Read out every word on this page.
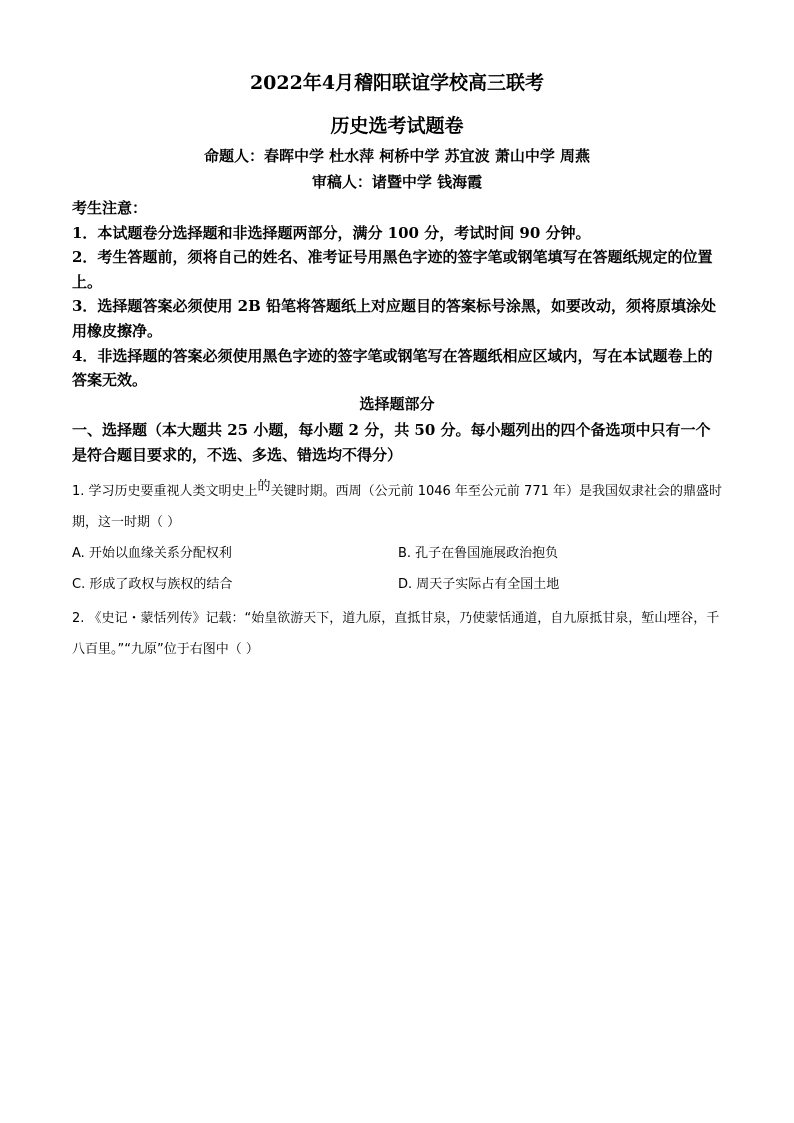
2022年4月稽阳联谊学校高三联考
历史选考试题卷
命题人：春晖中学 杜水萍 柯桥中学 苏宜波 萧山中学 周燕
审稿人：诸暨中学 钱海霞

考生注意：

1．本试题卷分选择题和非选择题两部分，满分 100 分，考试时间 90 分钟。

2．考生答题前，须将自己的姓名、准考证号用黑色字迹的签字笔或钢笔填写在答题纸规定的位置上。

3．选择题答案必须使用 2B 铅笔将答题纸上对应题目的答案标号涂黑，如要改动，须将原填涂处用橡皮擦净。

4．非选择题的答案必须使用黑色字迹的签字笔或钢笔写在答题纸相应区域内，写在本试题卷上的答案无效。

选择题部分
一、选择题（本大题共 25 小题，每小题 2 分，共 50 分。每小题列出的四个备选项中只有一个是符合题目要求的，不选、多选、错选均不得分）
1. 学习历史要重视人类文明史上的关键时期。西周（公元前 1046 年至公元前 771 年）是我国奴隶社会的鼎盛时期，这一时期（ ）
A. 开始以血缘关系分配权利	B. 孔子在鲁国施展政治抱负
C. 形成了政权与族权的结合	D. 周天子实际占有全国土地
2. 《史记・蒙恬列传》记载：“始皇欲游天下，道九原，直抵甘泉，乃使蒙恬通道，自九原抵甘泉，堑山堙谷，千八百里。”“九原”位于右图中（ ）
